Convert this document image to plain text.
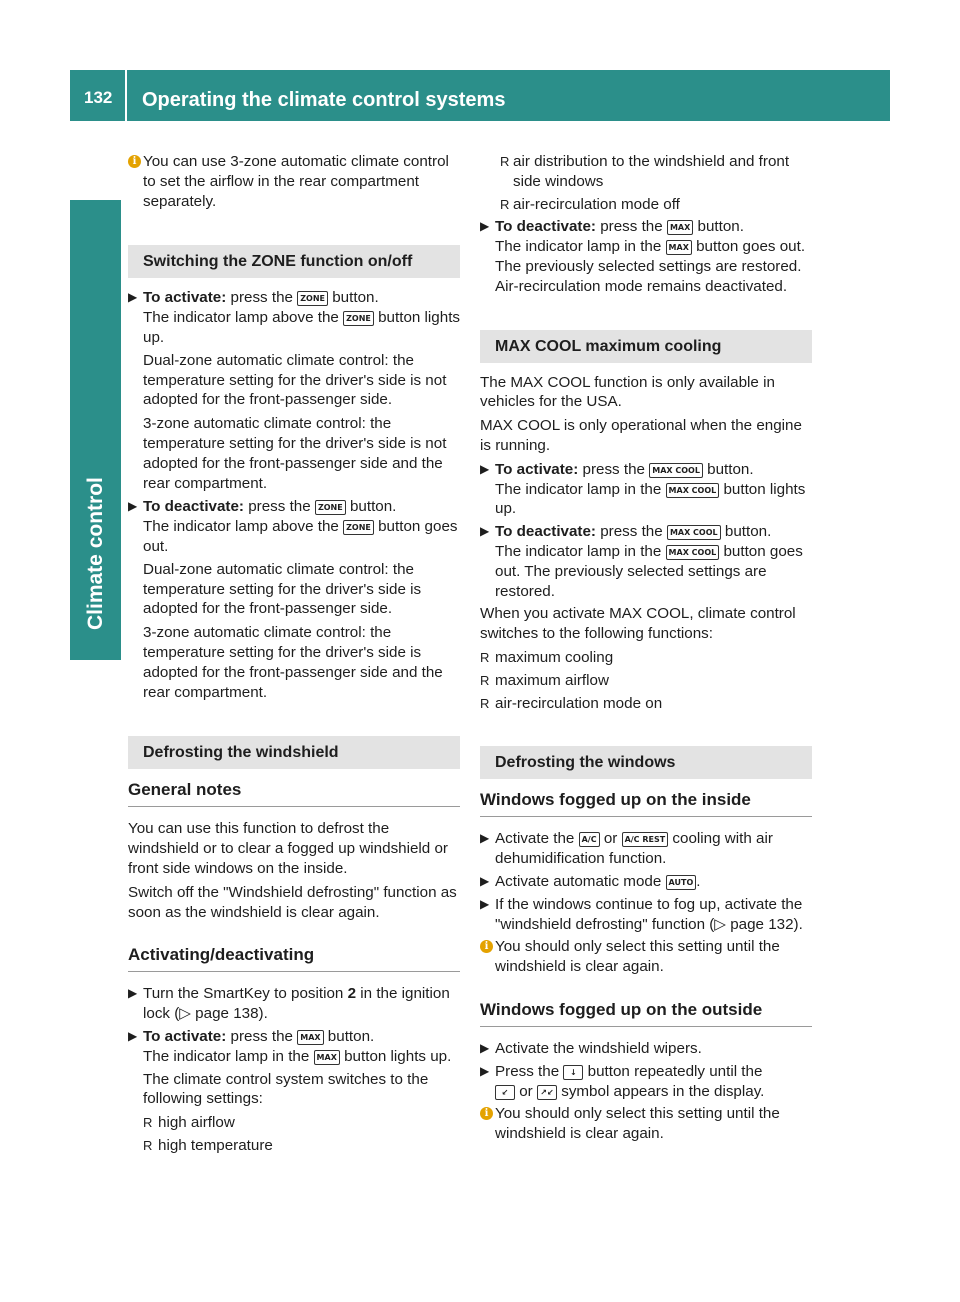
132 Operating the climate control systems
Climate control
i You can use 3-zone automatic climate control to set the airflow in the rear compartment separately.
Switching the ZONE function on/off
▶ To activate: press the ZONE button.
The indicator lamp above the ZONE button lights up.

Dual-zone automatic climate control: the temperature setting for the driver's side is not adopted for the front-passenger side.

3-zone automatic climate control: the temperature setting for the driver's side is not adopted for the front-passenger side and the rear compartment.

▶ To deactivate: press the ZONE button.
The indicator lamp above the ZONE button goes out.

Dual-zone automatic climate control: the temperature setting for the driver's side is adopted for the front-passenger side.

3-zone automatic climate control: the temperature setting for the driver's side is adopted for the front-passenger side and the rear compartment.

Defrosting the windshield
General notes

You can use this function to defrost the windshield or to clear a fogged up windshield or front side windows on the inside.

Switch off the "Windshield defrosting" function as soon as the windshield is clear again.

Activating/deactivating
▶ Turn the SmartKey to position 2 in the ignition lock (▷ page 138).
▶ To activate: press the MAX button.
The indicator lamp in the MAX button lights up.

The climate control system switches to the following settings:

R high airflow
R high temperature
R air distribution to the windshield and front side windows
R air-recirculation mode off
▶ To deactivate: press the MAX button.
The indicator lamp in the MAX button goes out. The previously selected settings are restored. Air-recirculation mode remains deactivated.
MAX COOL maximum cooling

The MAX COOL function is only available in vehicles for the USA.

MAX COOL is only operational when the engine is running.

▶ To activate: press the MAX COOL button.
The indicator lamp in the MAX COOL button lights up.
▶ To deactivate: press the MAX COOL button.
The indicator lamp in the MAX COOL button goes out. The previously selected settings are restored.

When you activate MAX COOL, climate control switches to the following functions:

R maximum cooling
R maximum airflow
R air-recirculation mode on
Defrosting the windows
Windows fogged up on the inside
▶ Activate the A/C or A/C REST cooling with air dehumidification function.
▶ Activate automatic mode AUTO .
▶ If the windows continue to fog up, activate the "windshield defrosting" function (▷ page 132).
i You should only select this setting until the windshield is clear again.
Windows fogged up on the outside
▶ Activate the windshield wipers.
▶ Press the ↓ button repeatedly until the
↙ or ↗↙ symbol appears in the display.
i You should only select this setting until the windshield is clear again.
